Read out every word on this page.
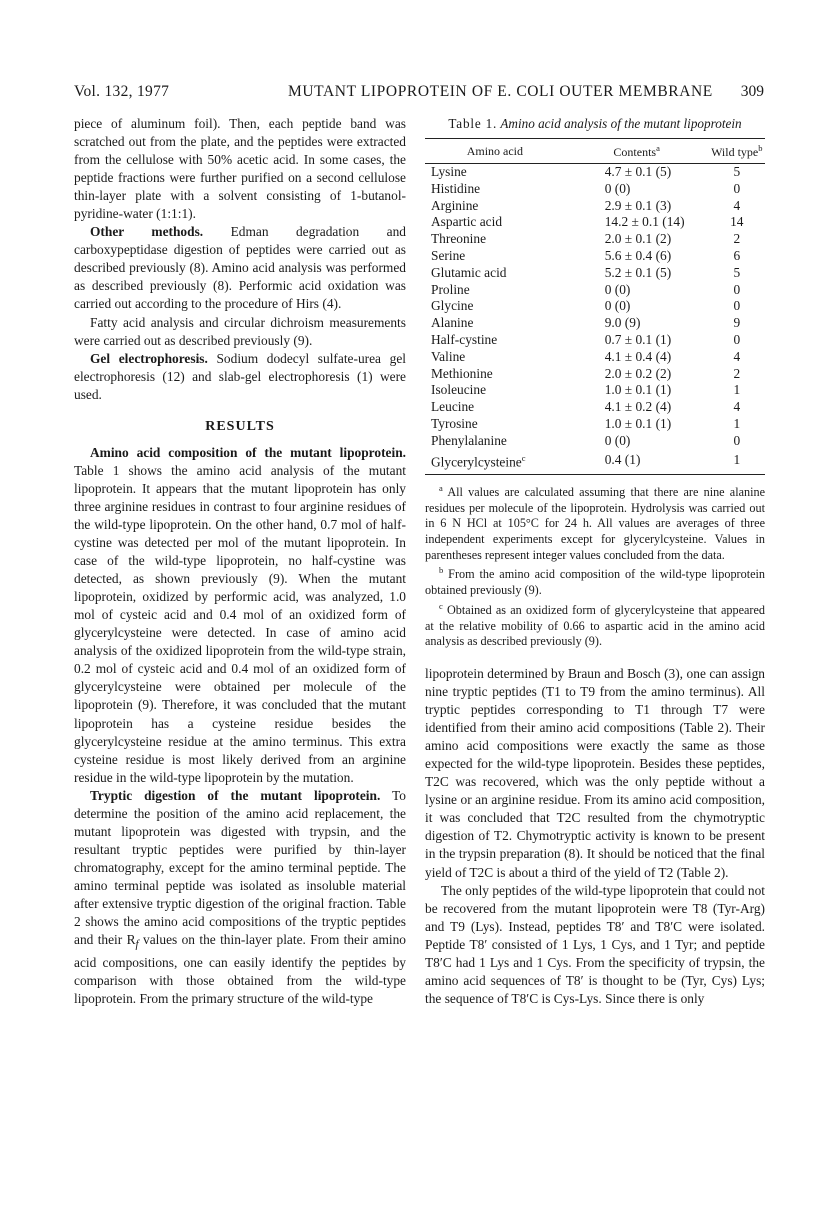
Vol. 132, 1977	MUTANT LIPOPROTEIN OF E. COLI OUTER MEMBRANE 309

piece of aluminum foil). Then, each peptide band was scratched out from the plate, and the peptides were extracted from the cellulose with 50% acetic acid. In some cases, the peptide fractions were further purified on a second cellulose thin-layer plate with a solvent consisting of 1-butanol-pyridine-water (1:1:1).

Other methods. Edman degradation and carboxypeptidase digestion of peptides were carried out as described previously (8). Amino acid analysis was performed as described previously (8). Performic acid oxidation was carried out according to the procedure of Hirs (4).

Fatty acid analysis and circular dichroism measurements were carried out as described previously (9).

Gel electrophoresis. Sodium dodecyl sulfate-urea gel electrophoresis (12) and slab-gel electrophoresis (1) were used.

RESULTS

Amino acid composition of the mutant lipoprotein. Table 1 shows the amino acid analysis of the mutant lipoprotein. It appears that the mutant lipoprotein has only three arginine residues in contrast to four arginine residues of the wild-type lipoprotein. On the other hand, 0.7 mol of half-cystine was detected per mol of the mutant lipoprotein. In case of the wild-type lipoprotein, no half-cystine was detected, as shown previously (9). When the mutant lipoprotein, oxidized by performic acid, was analyzed, 1.0 mol of cysteic acid and 0.4 mol of an oxidized form of glycerylcysteine were detected. In case of amino acid analysis of the oxidized lipoprotein from the wild-type strain, 0.2 mol of cysteic acid and 0.4 mol of an oxidized form of glycerylcysteine were obtained per molecule of the lipoprotein (9). Therefore, it was concluded that the mutant lipoprotein has a cysteine residue besides the glycerylcysteine residue at the amino terminus. This extra cysteine residue is most likely derived from an arginine residue in the wild-type lipoprotein by the mutation.

Tryptic digestion of the mutant lipoprotein. To determine the position of the amino acid replacement, the mutant lipoprotein was digested with trypsin, and the resultant tryptic peptides were purified by thin-layer chromatography, except for the amino terminal peptide. The amino terminal peptide was isolated as insoluble material after extensive tryptic digestion of the original fraction. Table 2 shows the amino acid compositions of the tryptic peptides and their $R_f$ values on the thin-layer plate. From their amino acid compositions, one can easily identify the peptides by comparison with those obtained from the wild-type lipoprotein. From the primary structure of the wild-type

Table 1. Amino acid analysis of the mutant lipoprotein
Amino acid	Contents$^a$	Wild type$^b$
Lysine	4.7 ± 0.1 (5)	5
Histidine	0 (0)	0
Arginine	2.9 ± 0.1 (3)	4
Aspartic acid	14.2 ± 0.1 (14)	14
Threonine	2.0 ± 0.1 (2)	2
Serine	5.6 ± 0.4 (6)	6
Glutamic acid	5.2 ± 0.1 (5)	5
Proline	0 (0)	0
Glycine	0 (0)	0
Alanine	9.0 (9)	9
Half-cystine	0.7 ± 0.1 (1)	0
Valine	4.1 ± 0.4 (4)	4
Methionine	2.0 ± 0.2 (2)	2
Isoleucine	1.0 ± 0.1 (1)	1
Leucine	4.1 ± 0.2 (4)	4
Tyrosine	1.0 ± 0.1 (1)	1
Phenylalanine	0 (0)	0
Glycerylcysteine$^c$	0.4 (1)	1

$^a$ All values are calculated assuming that there are nine alanine residues per molecule of the lipoprotein. Hydrolysis was carried out in 6 N HCl at 105°C for 24 h. All values are averages of three independent experiments except for glycerylcysteine. Values in parentheses represent integer values concluded from the data.

$^b$ From the amino acid composition of the wild-type lipoprotein obtained previously (9).

$^c$ Obtained as an oxidized form of glycerylcysteine that appeared at the relative mobility of 0.66 to aspartic acid in the amino acid analysis as described previously (9).

lipoprotein determined by Braun and Bosch (3), one can assign nine tryptic peptides (T1 to T9 from the amino terminus). All tryptic peptides corresponding to T1 through T7 were identified from their amino acid compositions (Table 2). Their amino acid compositions were exactly the same as those expected for the wild-type lipoprotein. Besides these peptides, T2C was recovered, which was the only peptide without a lysine or an arginine residue. From its amino acid composition, it was concluded that T2C resulted from the chymotryptic digestion of T2. Chymotryptic activity is known to be present in the trypsin preparation (8). It should be noticed that the final yield of T2C is about a third of the yield of T2 (Table 2).

The only peptides of the wild-type lipoprotein that could not be recovered from the mutant lipoprotein were T8 (Tyr-Arg) and T9 (Lys). Instead, peptides T8′ and T8′C were isolated. Peptide T8′ consisted of 1 Lys, 1 Cys, and 1 Tyr; and peptide T8′C had 1 Lys and 1 Cys. From the specificity of trypsin, the amino acid sequences of T8′ is thought to be (Tyr, Cys) Lys; the sequence of T8′C is Cys-Lys. Since there is only
